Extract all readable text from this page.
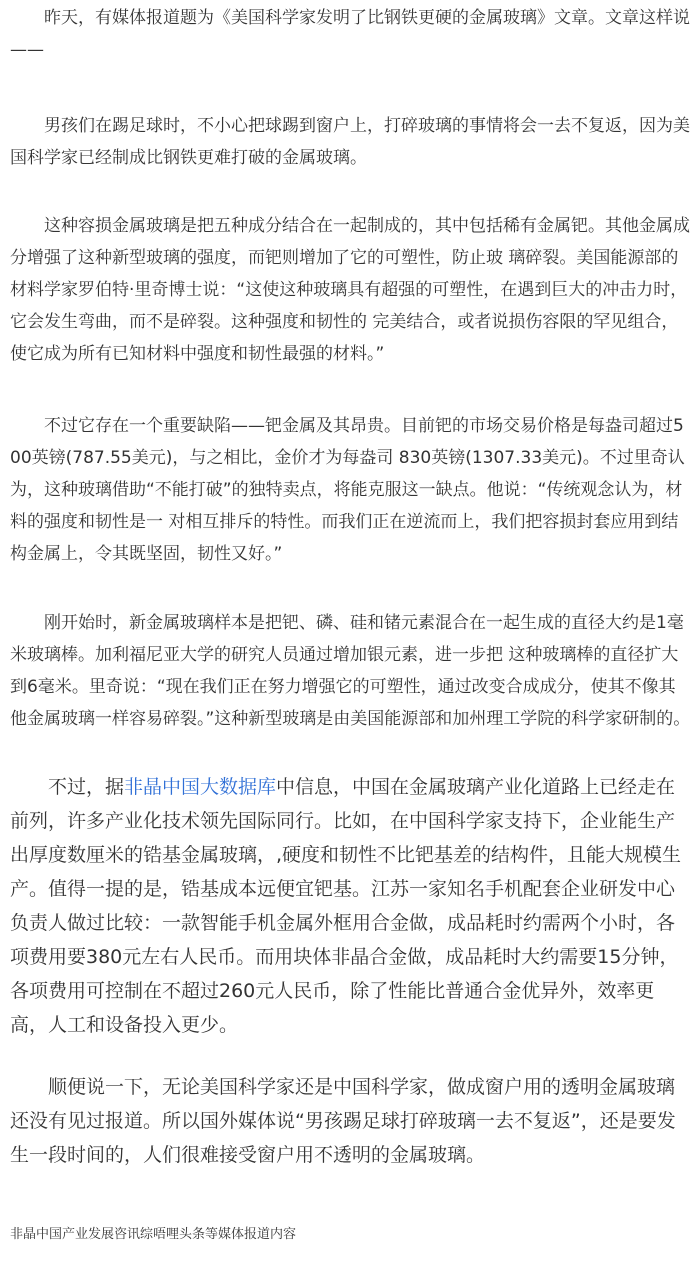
昨天，有媒体报道题为《美国科学家发明了比钢铁更硬的金属玻璃》文章。文章这样说——

男孩们在踢足球时，不小心把球踢到窗户上，打碎玻璃的事情将会一去不复返，因为美国科学家已经制成比钢铁更难打破的金属玻璃。

这种容损金属玻璃是把五种成分结合在一起制成的，其中包括稀有金属钯。其他金属成分增强了这种新型玻璃的强度，而钯则增加了它的可塑性，防止玻 璃碎裂。美国能源部的材料学家罗伯特·里奇博士说：“这使这种玻璃具有超强的可塑性，在遇到巨大的冲击力时，它会发生弯曲，而不是碎裂。这种强度和韧性的 完美结合，或者说损伤容限的罕见组合，使它成为所有已知材料中强度和韧性最强的材料。”

不过它存在一个重要缺陷——钯金属及其昂贵。目前钯的市场交易价格是每盎司超过500英镑(787.55美元)，与之相比，金价才为每盎司 830英镑(1307.33美元)。不过里奇认为，这种玻璃借助“不能打破”的独特卖点，将能克服这一缺点。他说：“传统观念认为，材料的强度和韧性是一 对相互排斥的特性。而我们正在逆流而上，我们把容损封套应用到结构金属上，令其既坚固，韧性又好。”

刚开始时，新金属玻璃样本是把钯、磷、硅和锗元素混合在一起生成的直径大约是1毫米玻璃棒。加利福尼亚大学的研究人员通过增加银元素，进一步把 这种玻璃棒的直径扩大到6毫米。里奇说：“现在我们正在努力增强它的可塑性，通过改变合成成分，使其不像其他金属玻璃一样容易碎裂。”这种新型玻璃是由美国能源部和加州理工学院的科学家研制的。

不过，据非晶中国大数据库中信息，中国在金属玻璃产业化道路上已经走在前列，许多产业化技术领先国际同行。比如，在中国科学家支持下，企业能生产出厚度数厘米的锆基金属玻璃，,硬度和韧性不比钯基差的结构件，且能大规模生产。值得一提的是，锆基成本远便宜钯基。江苏一家知名手机配套企业研发中心负责人做过比较：一款智能手机金属外框用合金做，成品耗时约需两个小时，各项费用要380元左右人民币。而用块体非晶合金做，成品耗时大约需要15分钟，各项费用可控制在不超过260元人民币，除了性能比普通合金优异外，效率更高，人工和设备投入更少。

顺便说一下，无论美国科学家还是中国科学家，做成窗户用的透明金属玻璃还没有见过报道。所以国外媒体说“男孩踢足球打碎玻璃一去不复返”，还是要发生一段时间的，人们很难接受窗户用不透明的金属玻璃。

非晶中国产业发展咨讯综唔哩头条等媒体报道内容
